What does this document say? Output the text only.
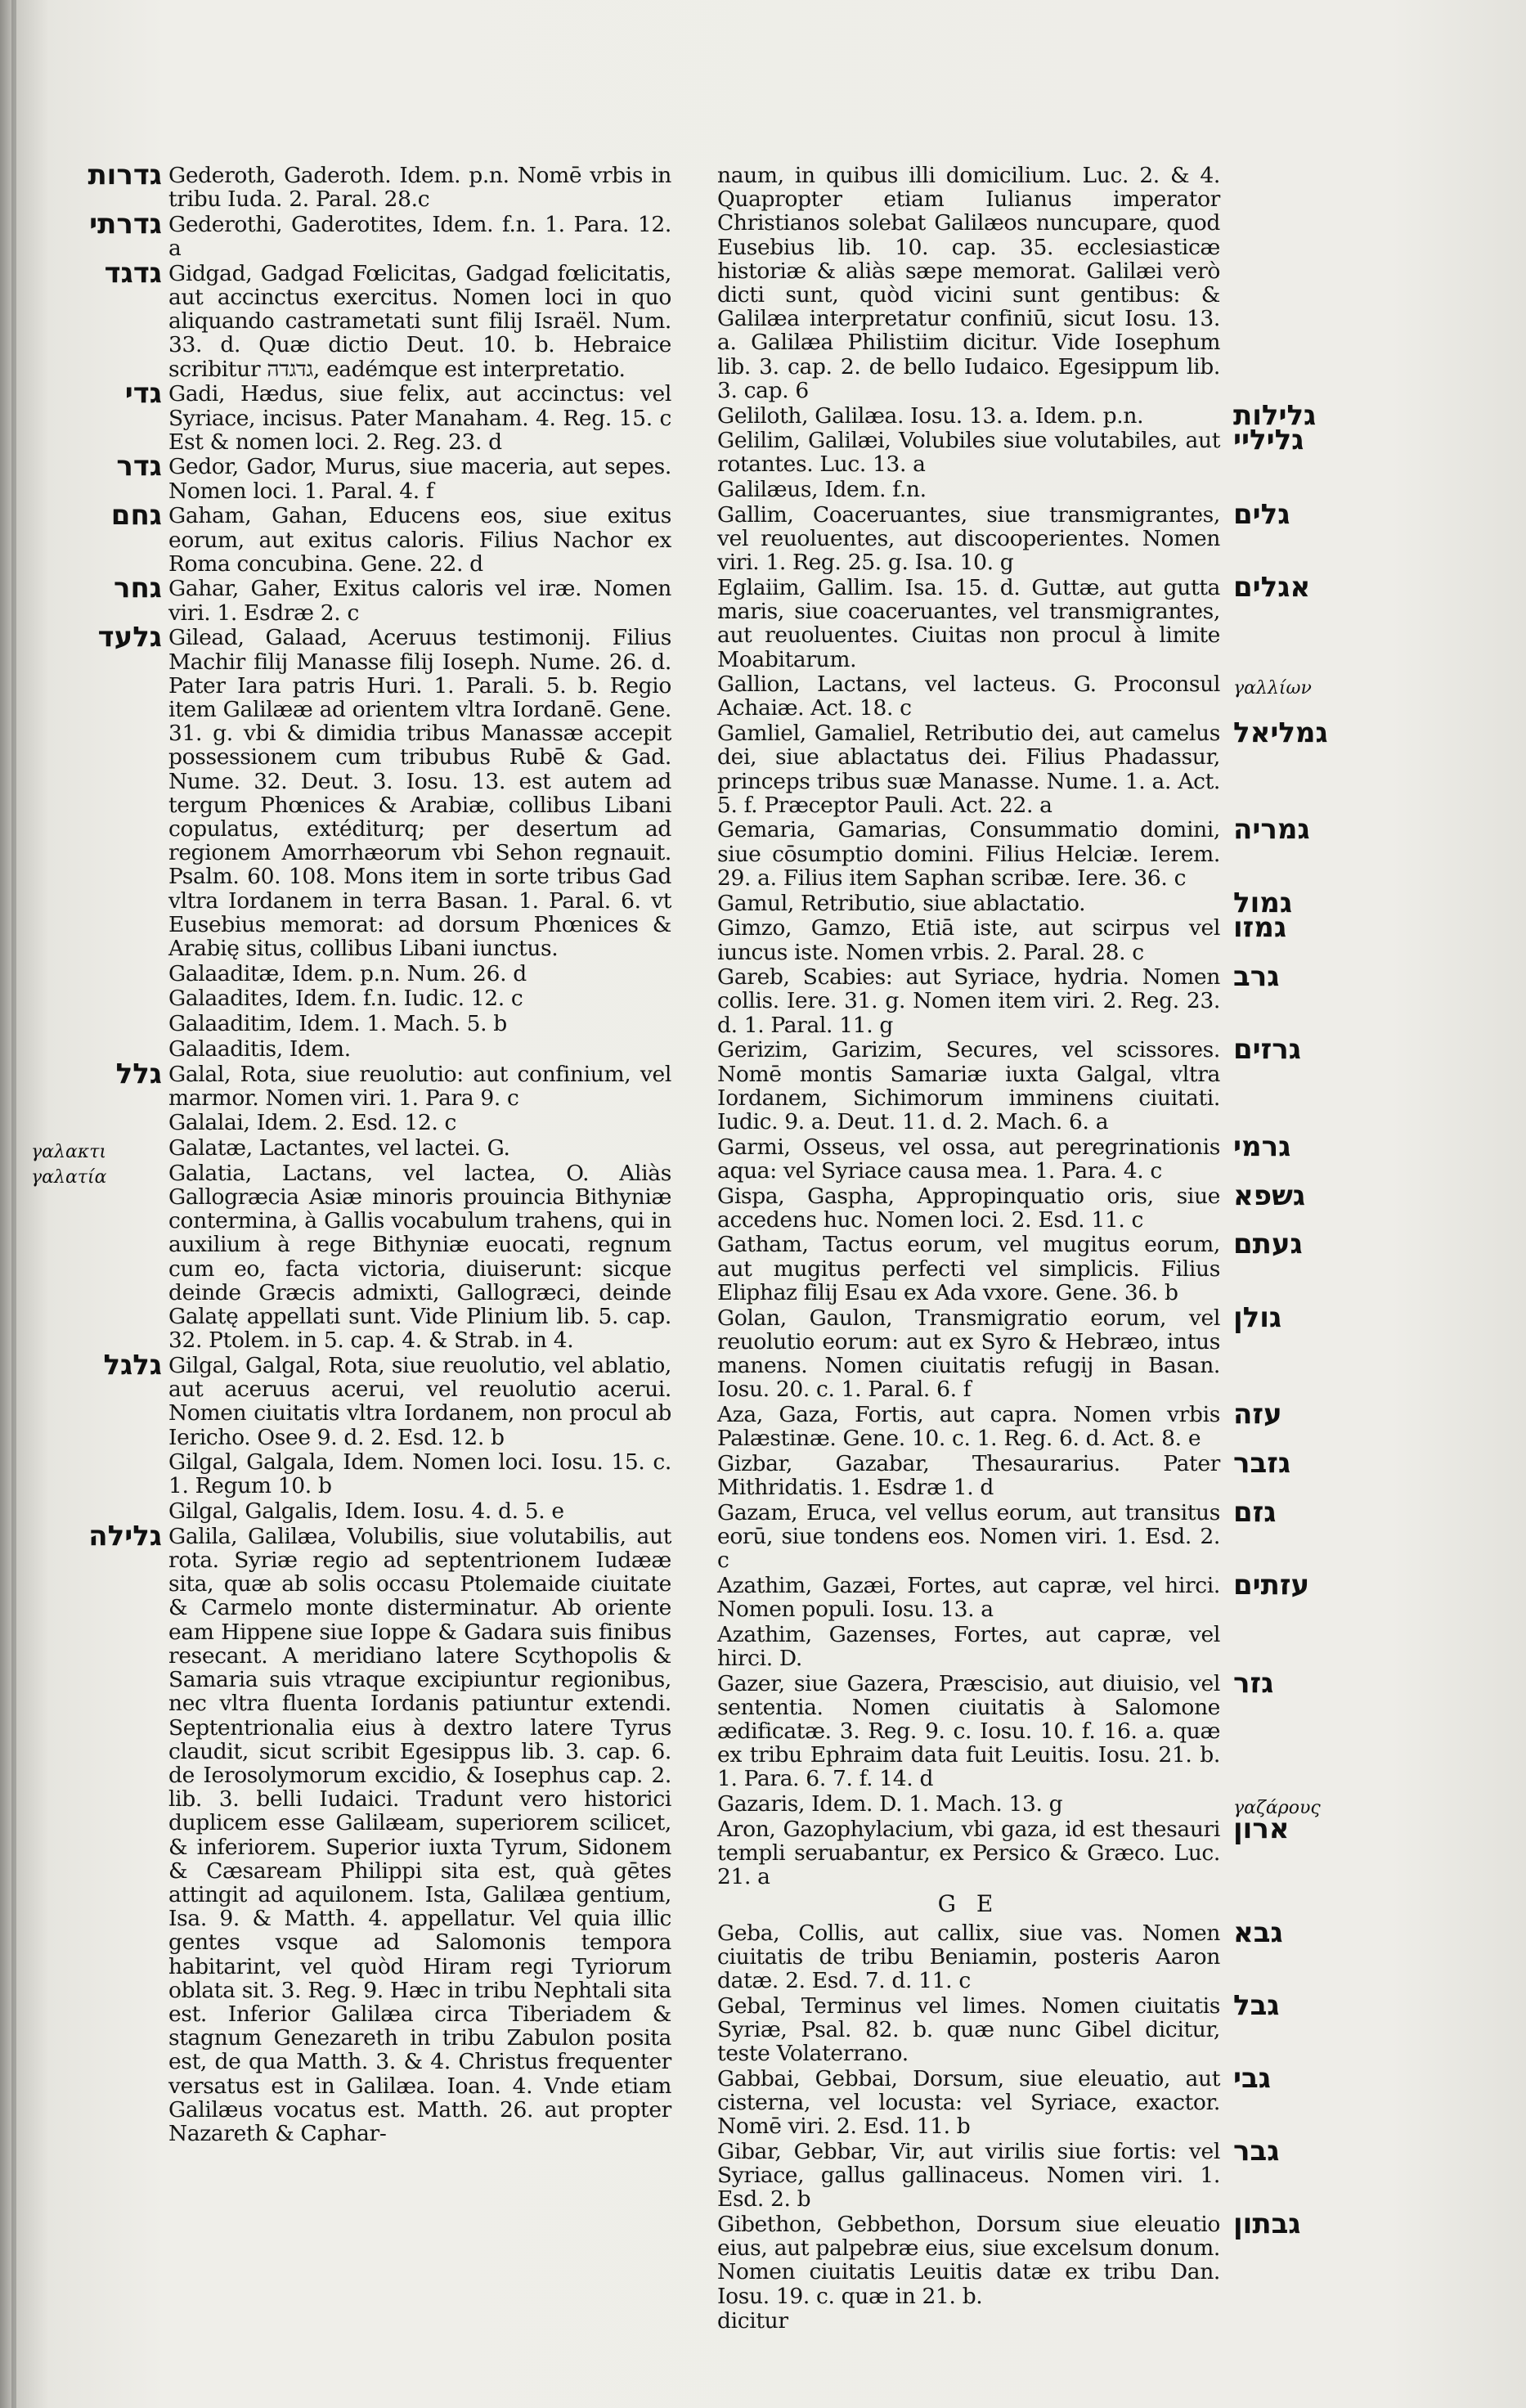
Gederoth, Gaderoth. Idem. p.n. Nomē vrbis in tribu Iuda. 2. Paral. 28.c

Gederothi, Gaderotites, Idem. f.n. 1. Para. 12. a

Gidgad, Gadgad Fœlicitas, Gadgad fœlicitatis, aut accinctus exercitus. Nomen loci in quo aliquando castrametati sunt filij Israël. Num. 33. d. Quæ dictio Deut. 10. b. Hebraice scribitur גדגדה, eadémque est interpretatio.

Gadi, Hædus, siue felix, aut accinctus: vel Syriace, incisus. Pater Manaham. 4. Reg. 15. c Est & nomen loci. 2. Reg. 23. d

Gedor, Gador, Murus, siue maceria, aut sepes. Nomen loci. 1. Paral. 4. f

Gaham, Gahan, Educens eos, siue exitus eorum, aut exitus caloris. Filius Nachor ex Roma concubina. Gene. 22. d

Gahar, Gaher, Exitus caloris vel iræ. Nomen viri. 1. Esdræ 2. c

Gilead, Galaad, Aceruus testimonij. Filius Machir filij Manasse filij Ioseph. Nume. 26. d. Pater Iara patris Huri. 1. Parali. 5. b. Regio item Galilææ ad orientem vltra Iordanē. Gene. 31. g. vbi & dimidia tribus Manassæ accepit possessionem cum tribubus Rubē & Gad. Nume. 32. Deut. 3. Iosu. 13. est autem ad tergum Phœnices & Arabiæ, collibus Libani copulatus, extéditurq; per desertum ad regionem Amorrhæorum vbi Sehon regnauit. Psalm. 60. 108. Mons item in sorte tribus Gad vltra Iordanem in terra Basan. 1. Paral. 6. vt Eusebius memorat: ad dorsum Phœnices & Arabię situs, collibus Libani iunctus.

Galaaditæ, Idem. p.n. Num. 26. d

Galaadites, Idem. f.n. Iudic. 12. c

Galaaditim, Idem. 1. Mach. 5. b

Galaaditis, Idem.

Galal, Rota, siue reuolutio: aut confinium, vel marmor. Nomen viri. 1. Para 9. c

Galalai, Idem. 2. Esd. 12. c

Galatæ, Lactantes, vel lactei. G.

Galatia, Lactans, vel lactea, O. Aliàs Gallogræcia Asiæ minoris prouincia Bithyniæ contermina, à Gallis vocabulum trahens, qui in auxilium à rege Bithyniæ euocati, regnum cum eo, facta victoria, diuiserunt: sicque deinde Græcis admixti, Gallogræci, deinde Galatę appellati sunt. Vide Plinium lib. 5. cap. 32. Ptolem. in 5. cap. 4. & Strab. in 4.

Gilgal, Galgal, Rota, siue reuolutio, vel ablatio, aut aceruus acerui, vel reuolutio acerui. Nomen ciuitatis vltra Iordanem, non procul ab Iericho. Osee 9. d. 2. Esd. 12. b

Gilgal, Galgala, Idem. Nomen loci. Iosu. 15. c. 1. Regum 10. b

Gilgal, Galgalis, Idem. Iosu. 4. d. 5. e

Galila, Galilæa, Volubilis, siue volutabilis, aut rota. Syriæ regio ad septentrionem Iudææ sita, quæ ab solis occasu Ptolemaide ciuitate & Carmelo monte disterminatur. Ab oriente eam Hippene siue Ioppe & Gadara suis finibus resecant. A meridiano latere Scythopolis & Samaria suis vtraque excipiuntur regionibus, nec vltra fluenta Iordanis patiuntur extendi. Septentrionalia eius à dextro latere Tyrus claudit, sicut scribit Egesippus lib. 3. cap. 6. de Ierosolymorum excidio, & Iosephus cap. 2. lib. 3. belli Iudaici. Tradunt vero historici duplicem esse Galilæam, superiorem scilicet, & inferiorem. Superior iuxta Tyrum, Sidonem & Cæsaream Philippi sita est, quà gētes attingit ad aquilonem. Ista, Galilæa gentium, Isa. 9. & Matth. 4. appellatur. Vel quia illic gentes vsque ad Salomonis tempora habitarint, vel quòd Hiram regi Tyriorum oblata sit. 3. Reg. 9. Hæc in tribu Nephtali sita est. Inferior Galilæa circa Tiberiadem & stagnum Genezareth in tribu Zabulon posita est, de qua Matth. 3. & 4. Christus frequenter versatus est in Galilæa. Ioan. 4. Vnde etiam Galilæus vocatus est. Matth. 26. aut propter Nazareth & Caphar-

naum, in quibus illi domicilium. Luc. 2. & 4. Quapropter etiam Iulianus imperator Christianos solebat Galilæos nuncupare, quod Eusebius lib. 10. cap. 35. ecclesiasticæ historiæ & aliàs sæpe memorat. Galilæi verò dicti sunt, quòd vicini sunt gentibus: & Galilæa interpretatur confiniū, sicut Iosu. 13. a. Galilæa Philistiim dicitur. Vide Iosephum lib. 3. cap. 2. de bello Iudaico. Egesippum lib. 3. cap. 6

Geliloth, Galilæa. Iosu. 13. a. Idem. p.n.

Gelilim, Galilæi, Volubiles siue volutabiles, aut rotantes. Luc. 13. a

Galilæus, Idem. f.n.

Gallim, Coaceruantes, siue transmigrantes, vel reuoluentes, aut discooperientes. Nomen viri. 1. Reg. 25. g. Isa. 10. g

Eglaiim, Gallim. Isa. 15. d. Guttæ, aut gutta maris, siue coaceruantes, vel transmigrantes, aut reuoluentes. Ciuitas non procul à limite Moabitarum.

Gallion, Lactans, vel lacteus. G. Proconsul Achaiæ. Act. 18. c

Gamliel, Gamaliel, Retributio dei, aut camelus dei, siue ablactatus dei. Filius Phadassur, princeps tribus suæ Manasse. Nume. 1. a. Act. 5. f. Præceptor Pauli. Act. 22. a

Gemaria, Gamarias, Consummatio domini, siue cōsumptio domini. Filius Helciæ. Ierem. 29. a. Filius item Saphan scribæ. Iere. 36. c

Gamul, Retributio, siue ablactatio.

Gimzo, Gamzo, Etiā iste, aut scirpus vel iuncus iste. Nomen vrbis. 2. Paral. 28. c

Gareb, Scabies: aut Syriace, hydria. Nomen collis. Iere. 31. g. Nomen item viri. 2. Reg. 23. d. 1. Paral. 11. g

Gerizim, Garizim, Secures, vel scissores. Nomē montis Samariæ iuxta Galgal, vltra Iordanem, Sichimorum imminens ciuitati. Iudic. 9. a. Deut. 11. d. 2. Mach. 6. a

Garmi, Osseus, vel ossa, aut peregrinationis aqua: vel Syriace causa mea. 1. Para. 4. c

Gispa, Gaspha, Appropinquatio oris, siue accedens huc. Nomen loci. 2. Esd. 11. c

Gatham, Tactus eorum, vel mugitus eorum, aut mugitus perfecti vel simplicis. Filius Eliphaz filij Esau ex Ada vxore. Gene. 36. b

Golan, Gaulon, Transmigratio eorum, vel reuolutio eorum: aut ex Syro & Hebræo, intus manens. Nomen ciuitatis refugij in Basan. Iosu. 20. c. 1. Paral. 6. f

Aza, Gaza, Fortis, aut capra. Nomen vrbis Palæstinæ. Gene. 10. c. 1. Reg. 6. d. Act. 8. e

Gizbar, Gazabar, Thesaurarius. Pater Mithridatis. 1. Esdræ 1. d

Gazam, Eruca, vel vellus eorum, aut transitus eorū, siue tondens eos. Nomen viri. 1. Esd. 2. c

Azathim, Gazæi, Fortes, aut capræ, vel hirci. Nomen populi. Iosu. 13. a

Azathim, Gazenses, Fortes, aut capræ, vel hirci. D.

Gazer, siue Gazera, Præscisio, aut diuisio, vel sententia. Nomen ciuitatis à Salomone ædificatæ. 3. Reg. 9. c. Iosu. 10. f. 16. a. quæ ex tribu Ephraim data fuit Leuitis. Iosu. 21. b. 1. Para. 6. 7. f. 14. d

Gazaris, Idem. D. 1. Mach. 13. g

Aron, Gazophylacium, vbi gaza, id est thesauri templi seruabantur, ex Persico & Græco. Luc. 21. a

G E

Geba, Collis, aut callix, siue vas. Nomen ciuitatis de tribu Beniamin, posteris Aaron datæ. 2. Esd. 7. d. 11. c

Gebal, Terminus vel limes. Nomen ciuitatis Syriæ, Psal. 82. b. quæ nunc Gibel dicitur, teste Volaterrano.

Gabbai, Gebbai, Dorsum, siue eleuatio, aut cisterna, vel locusta: vel Syriace, exactor. Nomē viri. 2. Esd. 11. b

Gibar, Gebbar, Vir, aut virilis siue fortis: vel Syriace, gallus gallinaceus. Nomen viri. 1. Esd. 2. b

Gibethon, Gebbethon, Dorsum siue eleuatio eius, aut palpebræ eius, siue excelsum donum. Nomen ciuitatis Leuitis datæ ex tribu Dan. Iosu. 19. c. quæ in 21. b.

dicitur

גדרות
גדרתי
גדגד
גדי
גדר
גחם
גחר
גלעד
גלל
γαλακτι
γαλατία
גלגל
גלילה
גלילות
גליליי
גלים
אגלים
γαλλίων
גמליאל
גמריה
גמול
גמזו
גרב
גרזים
גרמי
גשפא
געתם
גולן
עזה
גזבר
גזם
עזתים
גזר
γαζάρους
ארון
גבא
גבל
גבי
גבר
גבתון
